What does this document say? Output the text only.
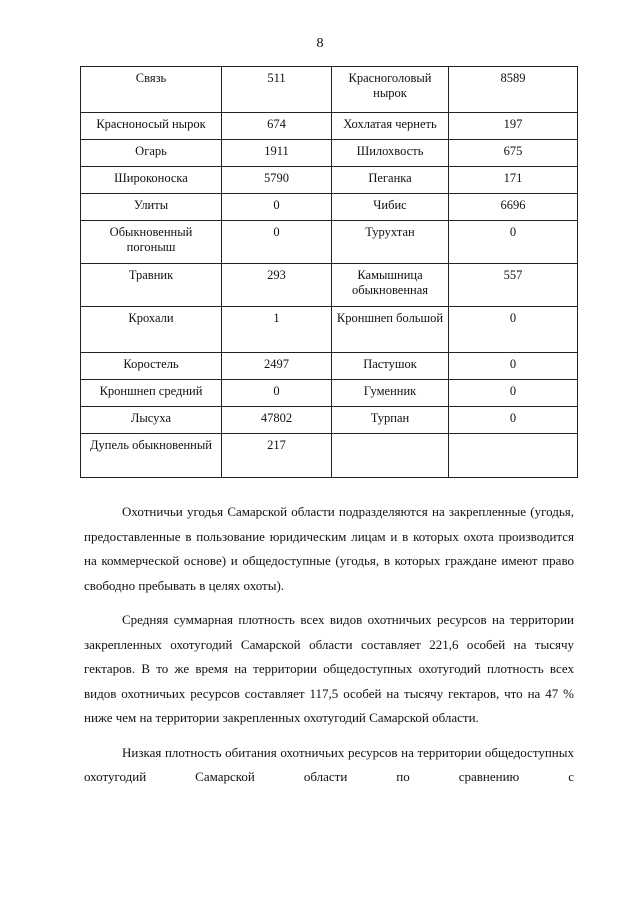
8
Связь	511	Красноголовый нырок	8589
Красноносый нырок	674	Хохлатая чернеть	197
Огарь	1911	Шилохвость	675
Широконоска	5790	Пеганка	171
Улиты	0	Чибис	6696
Обыкновенный погоныш	0	Турухтан	0
Травник	293	Камышница обыкновенная	557
Крохали	1	Кроншнеп большой	0
Коростель	2497	Пастушок	0
Кроншнеп средний	0	Гуменник	0
Лысуха	47802	Турпан	0
Дупель обыкновенный	217		

Охотничьи угодья Самарской области подразделяются на закрепленные (угодья, предоставленные в пользование юридическим лицам и в которых охота производится на коммерческой основе) и общедоступные (угодья, в которых граждане имеют право свободно пребывать в целях охоты).

Средняя суммарная плотность всех видов охотничьих ресурсов на территории закрепленных охотугодий Самарской области составляет 221,6 особей на тысячу гектаров. В то же время на территории общедоступных охотугодий плотность всех видов охотничьих ресурсов составляет 117,5 особей на тысячу гектаров, что на 47 % ниже чем на территории закрепленных охотугодий Самарской области.

Низкая плотность обитания охотничьих ресурсов на территории общедоступных охотугодий Самарской области по сравнению с
